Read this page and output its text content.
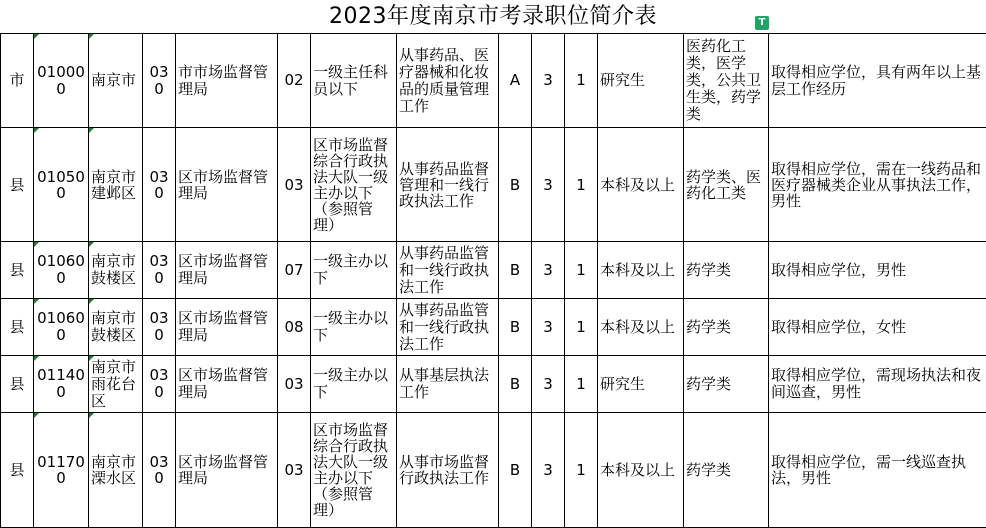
2023年度南京市考录职位简介表	T
市	010000	南京市	030	市市场监督管理局	02	一级主任科员以下	从事药品、医疗器械和化妆品的质量管理工作	A	3	1	研究生	医药化工类，医学类，公共卫生类，药学类	取得相应学位，具有两年以上基层工作经历
县	010500	南京市建邺区	030	区市场监督管理局	03	区市场监督综合行政执法大队一级主办以下（参照管理）	从事药品监督管理和一线行政执法工作	B	3	1	本科及以上	药学类、医药化工类	取得相应学位，需在一线药品和医疗器械类企业从事执法工作，男性
县	010600	南京市鼓楼区	030	区市场监督管理局	07	一级主办以下	从事药品监管和一线行政执法工作	B	3	1	本科及以上	药学类	取得相应学位，男性
县	010600	南京市鼓楼区	030	区市场监督管理局	08	一级主办以下	从事药品监管和一线行政执法工作	B	3	1	本科及以上	药学类	取得相应学位，女性
县	011400	南京市雨花台区	030	区市场监督管理局	03	一级主办以下	从事基层执法工作	B	3	1	研究生	药学类	取得相应学位，需现场执法和夜间巡查，男性
县	011700	南京市溧水区	030	区市场监督管理局	03	区市场监督综合行政执法大队一级主办以下（参照管理）	从事市场监督行政执法工作	B	3	1	本科及以上	药学类	取得相应学位，需一线巡查执法，男性
